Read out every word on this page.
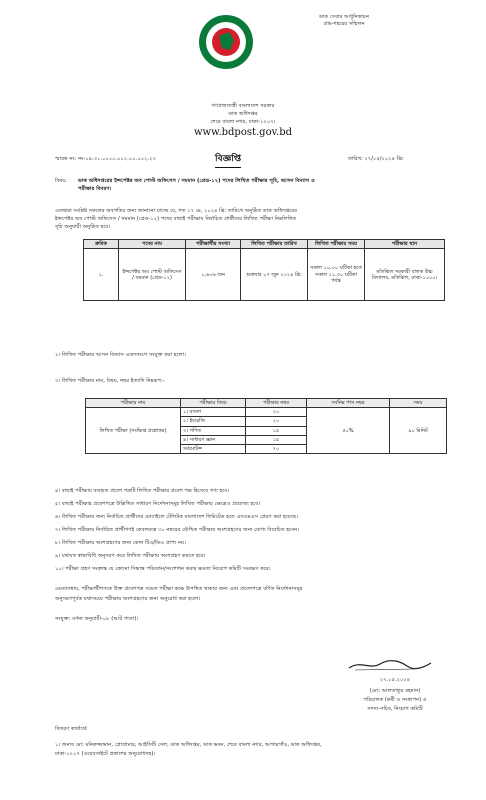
ডাক সেবার আধুনিকায়ন
গ্রাম-শহরের সম্মিলন
গণপ্রজাতন্ত্রী বাংলাদেশ সরকার
ডাক অধিদপ্তর
শেরে বাংলা নগর, ঢাকা-১২০৭।
www.bdpost.gov.bd
স্মারক নং: নং-১৪.৩১.০০০০.০১২.০০.০০২.২৩	তারিখ: ২৭/০৫/২০২৪ খ্রি:
বিজ্ঞপ্তি
বিষয়: ডাক অধিদপ্তরের ইন্সপেক্টর অব পোস্ট অফিসেস / সমমান (গ্রেড-১২) পদের লিখিত পরীক্ষার সূচি, আসন বিন্যাস ও
পরীক্ষার বিবরণ।
এতদ্বারা সংশ্লিষ্ট সকলের অবগতির জন্য জানানো যাচ্ছে যে, গত ১৭ মে, ২০২৪ খ্রি: তারিখে অনুষ্ঠিত ডাক অধিদপ্তরের
ইন্সপেক্টর অব পোস্ট অফিসেস / সমমান (গ্রেড-১২) পদের বাছাই পরীক্ষায় নির্বাচিত প্রার্থীদের লিখিত পরীক্ষা নিম্নলিখিত
সূচি অনুযায়ী অনুষ্ঠিত হবে।
ক্রমিক	পদের নাম	পরীক্ষার্থীর সংখ্যা	লিখিত পরীক্ষার তারিখ	লিখিত পরীক্ষার সময়	পরীক্ষার স্থান
১.	ইন্সপেক্টর অব পোস্ট অফিসেস / সমমান (গ্রেড-১২)	১,৬০৬ জন	শুক্রবার ০৭ জুন ২০২৪ খ্রি:	সকাল ১০.০০ ঘটিকা হতে সকাল ১১.৩০ ঘটিকা পর্যন্ত	মতিঝিল সরকারী বালক উচ্চ বিদ্যালয়, মতিঝিল, ঢাকা-১০০০।
২। লিখিত পরীক্ষার আসন বিন্যাস এতদসংগে সংযুক্ত করা হলো।
৩। লিখিত পরীক্ষার নাম, বিষয়, নম্বর ইত্যাদি নিম্নরূপ:-
পরীক্ষার নাম	পরীক্ষার বিষয়	পরীক্ষার নম্বর	সর্বনিম্ন পাস নম্বর	সময়
লিখিত পরীক্ষা (সংক্ষিপ্ত প্রশ্নোত্তর)	১। বাংলা	২০	৫০%	৯০ মিনিট
	২। ইংরেজি	২০		
	৩। গণিত	১৫		
	৪। সাধারণ জ্ঞান	১৫		
	সর্বমোট=	৭০		
৪। বাছাই পরীক্ষায় ব্যবহৃত প্রবেশ পত্রটি লিখিত পরীক্ষার প্রবেশ পত্র হিসেবে গণ্য হবে।
৫। বাছাই পরীক্ষার প্রবেশপত্রে উল্লিখিত সাধারণ নির্দেশনাসমূহ লিখিত পরীক্ষার ক্ষেত্রেও প্রযোজ্য হবে।
৬। লিখিত পরীক্ষার জন্য নির্বাচিত প্রার্থীদের মোবাইলে টেলিটক বাংলাদেশ লিমিটেড হতে এসএমএস প্রেরণ করা হয়েছে।
৭। লিখিত পরীক্ষায় নির্বাচিত প্রার্থীগণই কেবলমাত্র ৩০ নম্বরের মৌখিক পরীক্ষায় অংশগ্রহণের জন্য যোগ্য বিবেচিত হবেন।
৮। লিখিত পরীক্ষায় অংশগ্রহণের জন্য কোন টিএ/ডিএ প্রাপ্য নয়।
৯। যথাযথ স্বাস্থ্যবিধি অনুসরণ করে লিখিত পরীক্ষায় অংশগ্রহণ করতে হবে।
১০। পরীক্ষা গ্রহণ সংক্রান্ত যে কোনো সিদ্ধান্ত পরিবর্তন/সংশোধন করার ক্ষমতা নিয়োগ কমিটি সংরক্ষণ করে।
এমতাবস্থায়, পরীক্ষার্থীগণকে উক্ত প্রবেশপত্র সমেত পরীক্ষা কক্ষে উপস্থিত থাকার জন্য এবং প্রবেশপত্রে বর্ণিত নির্দেশনাসমূহ
অনুসরণপূর্বক যথাসময়ে পরীক্ষায় অংশগ্রহণের জন্য অনুরোধ করা হলো।
সংযুক্ত: বর্ণনা অনুযায়ী-০৮ (আট পাতা)।
২৭.০৫.২০২৪
(মো: আলতাফুর রহমান)
পরিচালক (কর্মী ও সংস্থাপন) ও
সদস্য-সচিব, নিয়োগ কমিটি
বিতরণ কার্যার্থে:
১। জনাব মো: মনিরুজ্জামান, প্রোগ্রামার, আইসিটি সেল, ডাক অধিদপ্তর, ডাক ভবন, শেরে বাংলা নগর, আগারগাঁও, ডাক অধিদপ্তর,
ঢাকা-১২০৭ (ওয়েবসাইটে প্রকাশের অনুরোধসহ)।
